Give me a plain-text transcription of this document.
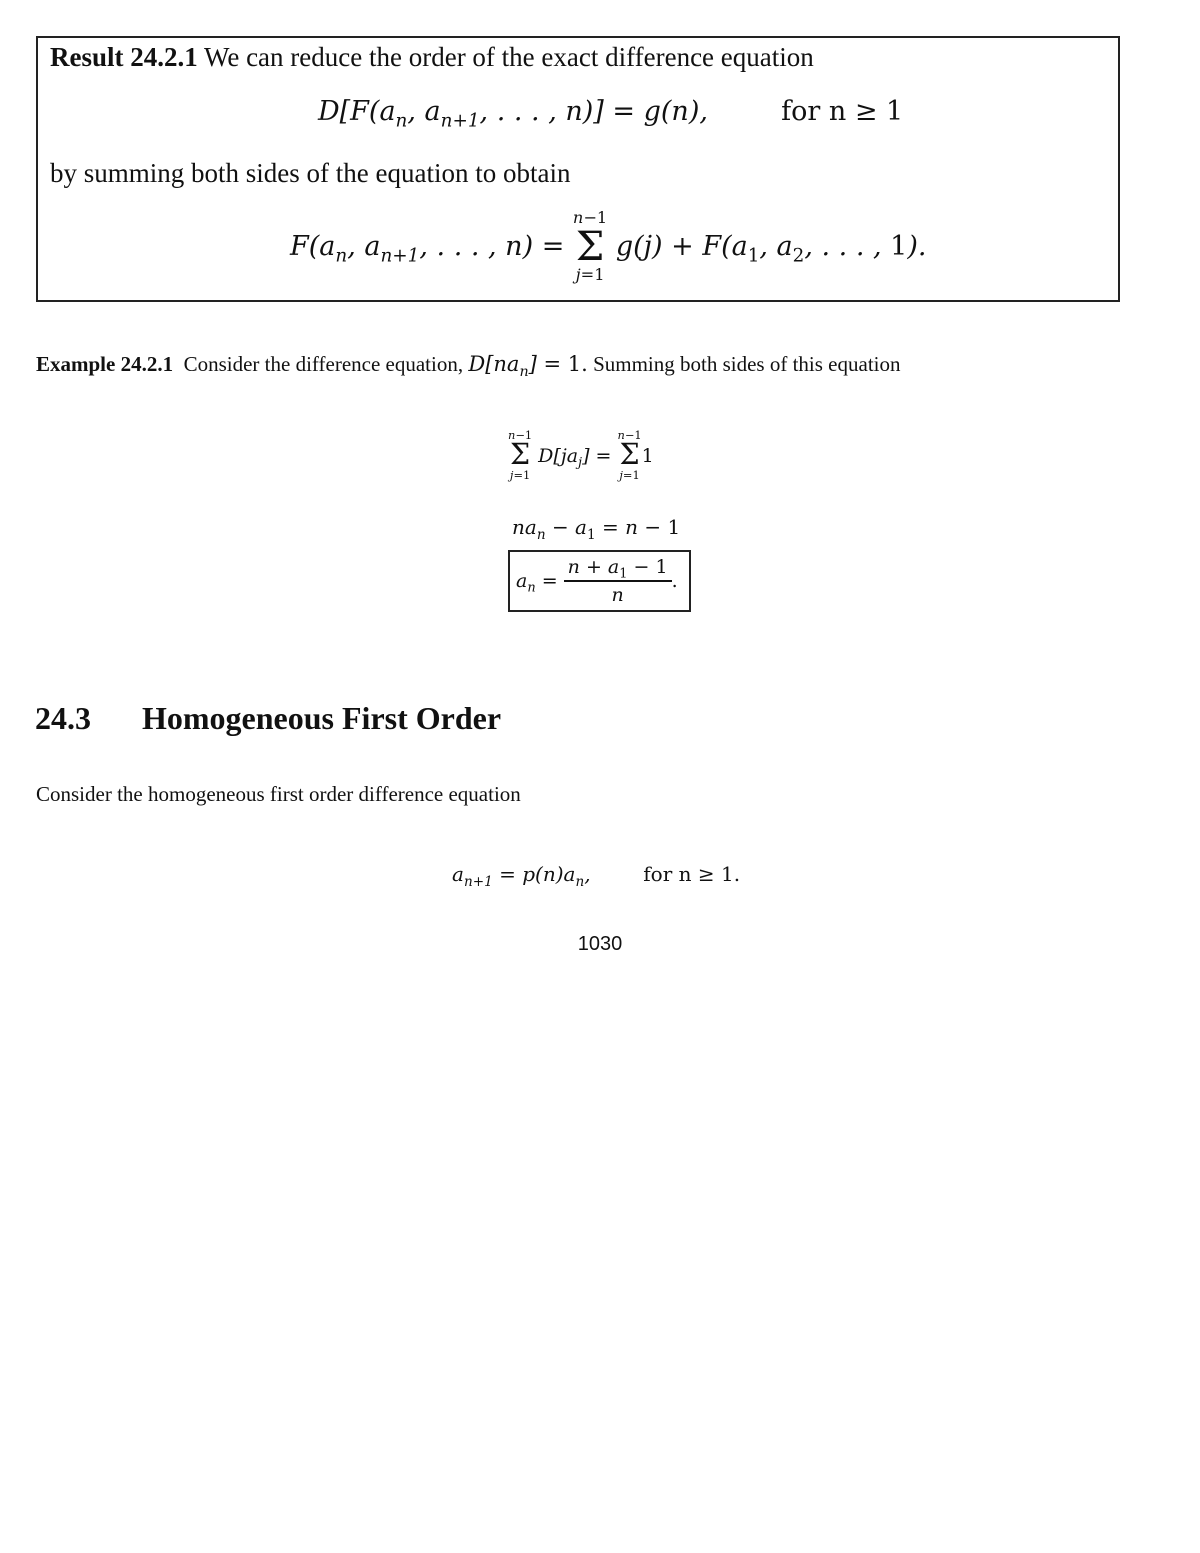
Result 24.2.1 We can reduce the order of the exact difference equation
$D[F(a_n$, $a_{n+1}$, . . . , n)] = g(n),  for n ≥ 1
by summing both sides of the equation to obtain
$F(a_n$, $a_{n+1}$, . . . , n) =
n−1
Σ
j=1
$g(j) + F(a_1$, $a_2$, . . . , 1).
Example 24.2.1 Consider the difference equation, $D[na_n] = 1$. Summing both sides of this equation
n−1
Σ
j=1
$D[ja_j]$ =
n−1
Σ
j=1
1
$na_n - a_1 = n - 1$
$a_n = \frac{n + a_1 - 1}{n}$ .
24.3 Homogeneous First Order
Consider the homogeneous first order difference equation
$a_{n+1} = p(n)a_n$,  for n ≥ 1.
1030
